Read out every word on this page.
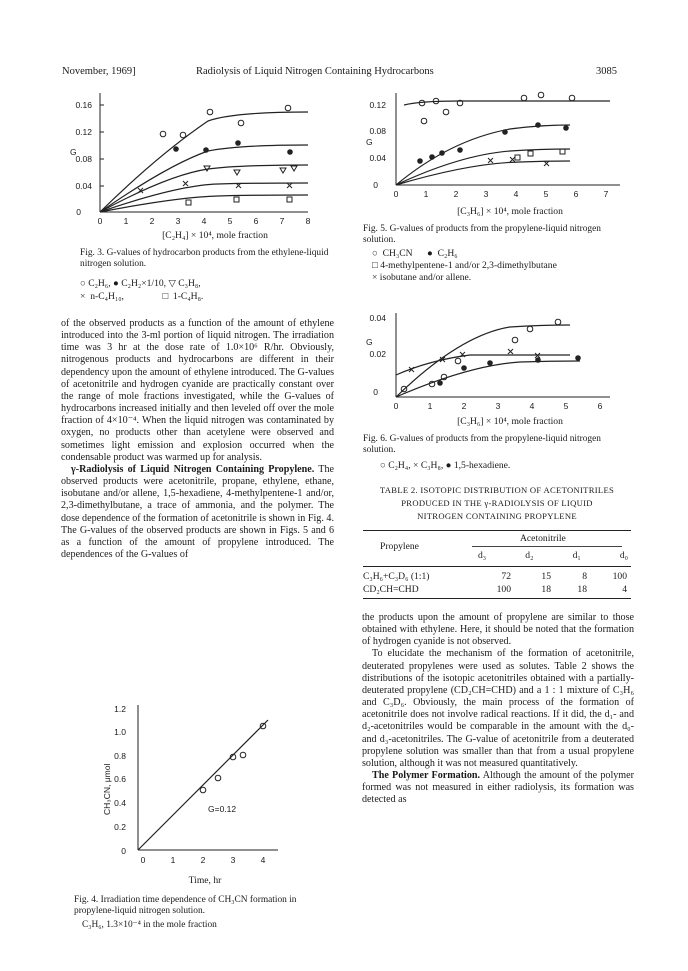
November, 1969]	Radiolysis of Liquid Nitrogen Containing Hydrocarbons	3085
0.16
0.12
0.08
0.04
0
G
0	1	2	3	4	5	6	7	8
[C₂H₄] × 10⁴, mole fraction
Fig. 3. G-values of hydrocarbon products from the ethylene-liquid nitrogen solution.
○ C₂H₆, ● C₂H₂×1/10, ▽ C₃H₈,
×  n-C₄H₁₀,                □  1-C₄H₈.
0.12
0.08
0.04
0
G
0	1	2	3	4	5	6	7
[C₃H₆] × 10⁴, mole fraction
Fig. 5. G-values of products from the propylene-liquid nitrogen solution.
○  CH₃CN      ●  C₂H₆
□ 4-methylpentene-1 and/or 2,3-dimethylbutane
× isobutane and/or allene.
0.04
0.02
0
G
0	1	2	3	4	5	6
[C₃H₆] × 10⁴, mole fraction
Fig. 6. G-values of products from the propylene-liquid nitrogen solution.
○ C₂H₄, × C₃H₈, ● 1,5-hexadiene.
TABLE 2. ISOTOPIC DISTRIBUTION OF ACETONITRILES
PRODUCED IN THE γ-RADIOLYSIS OF LIQUID
NITROGEN CONTAINING PROPYLENE
Propylene
Acetonitrile
d₃	d₂	d₁	d₀
C₃H₆+C₃D₆ (1:1)	72	15	8	100
CD₂CH=CHD	100	18	18	4

of the observed products as a function of the amount of ethylene introduced into the 3-ml portion of liquid nitrogen. The irradiation time was 3 hr at the dose rate of 1.0×10⁶ R/hr. Obviously, nitrogenous products and hydrocarbons are different in their dependency upon the amount of ethylene introduced. The G-values of acetonitrile and hydrogen cyanide are practically constant over the range of mole fractions investigated, while the G-values of hydrocarbons increased initially and then leveled off over the mole fraction of 4×10⁻⁴. When the liquid nitrogen was contaminated by oxygen, no products other than acetylene were observed and sometimes light emission and explosion occurred when the condensable product was warmed up for analysis.

γ-Radiolysis of Liquid Nitrogen Containing Propylene. The observed products were acetonitrile, propane, ethylene, ethane, isobutane and/or allene, 1,5-hexadiene, 4-methylpentene-1 and/or, 2,3-dimethylbutane, a trace of ammonia, and the polymer. The dose dependence of the formation of acetonitrile is shown in Fig. 4. The G-values of the observed products are shown in Figs. 5 and 6 as a function of the amount of propylene introduced. The dependences of the G-values of

1.2
1.0
0.8
0.6
0.4
0.2
0
G=0.12
0	1	2	3	4
CH₃CN, μmol
Time, hr
Fig. 4. Irradiation time dependence of CH₃CN formation in propylene-liquid nitrogen solution.
C₃H₆, 1.3×10⁻⁴ in the mole fraction

the products upon the amount of propylene are similar to those obtained with ethylene. Here, it should be noted that the formation of hydrogen cyanide is not observed.

To elucidate the mechanism of the formation of acetonitrile, deuterated propylenes were used as solutes. Table 2 shows the distributions of the isotopic acetonitriles obtained with a partially-deuterated propylene (CD₂CH=CHD) and a 1 : 1 mixture of C₃H₆ and C₃D₆. Obviously, the main process of the formation of acetonitrile does not involve radical reactions. If it did, the d₁- and d₂-acetonitriles would be comparable in the amount with the d₀- and d₃-acetonitriles. The G-value of acetonitrile from a deuterated propylene solution was smaller than that from a usual propylene solution, although it was not measured quantitatively.

The Polymer Formation. Although the amount of the polymer formed was not measured in either radiolysis, its formation was detected as
